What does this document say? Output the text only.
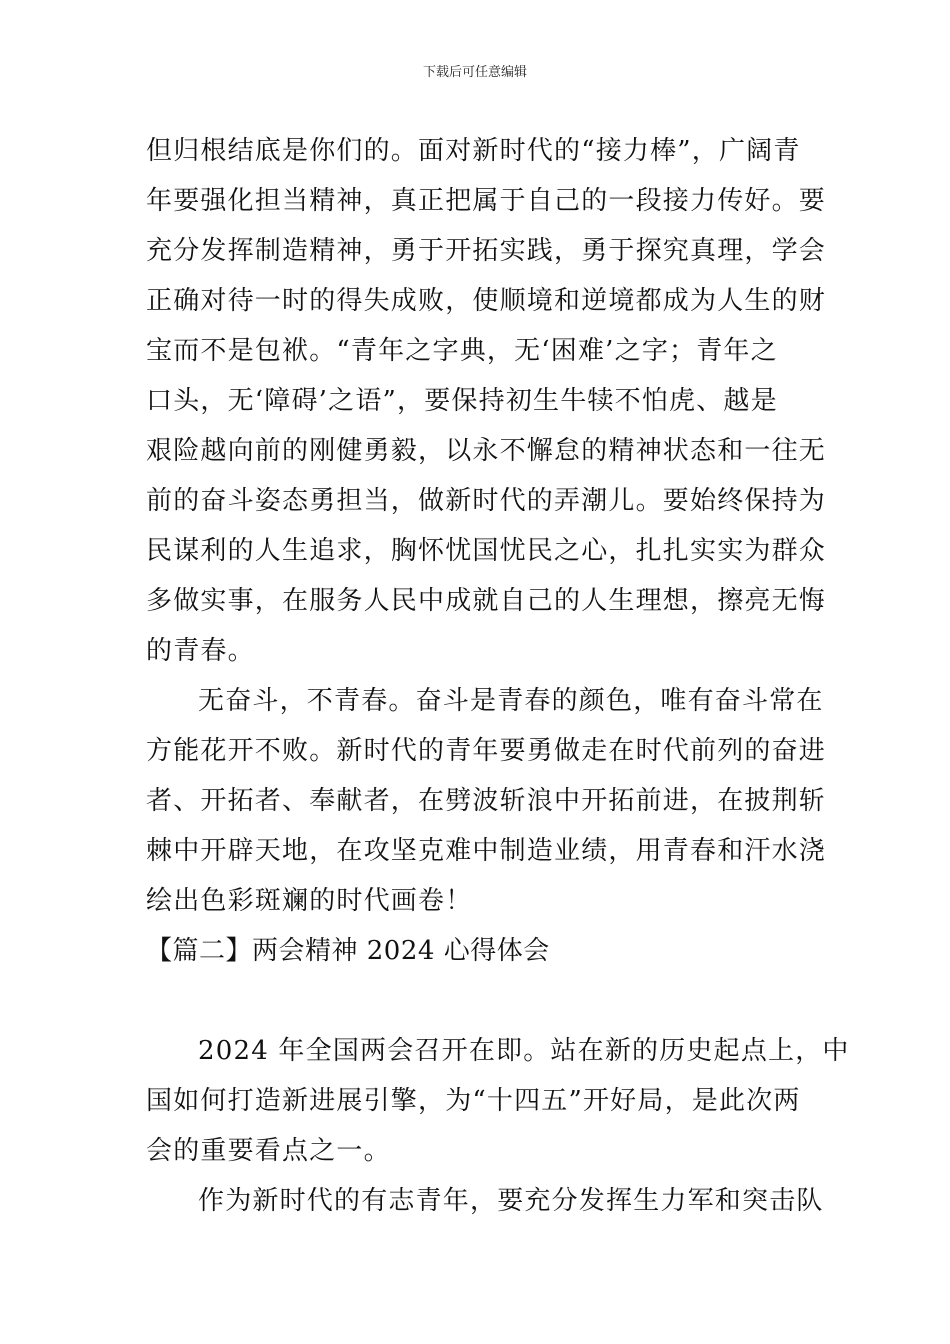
下载后可任意编辑
但归根结底是你们的。面对新时代的“接力棒”，广阔青
年要强化担当精神，真正把属于自己的一段接力传好。要
充分发挥制造精神，勇于开拓实践，勇于探究真理，学会
正确对待一时的得失成败，使顺境和逆境都成为人生的财
宝而不是包袱。“青年之字典，无‘困难’之字；青年之
口头，无‘障碍’之语”，要保持初生牛犊不怕虎、越是
艰险越向前的刚健勇毅，以永不懈怠的精神状态和一往无
前的奋斗姿态勇担当，做新时代的弄潮儿。要始终保持为
民谋利的人生追求，胸怀忧国忧民之心，扎扎实实为群众
多做实事，在服务人民中成就自己的人生理想，擦亮无悔
的青春。
无奋斗，不青春。奋斗是青春的颜色，唯有奋斗常在
方能花开不败。新时代的青年要勇做走在时代前列的奋进
者、开拓者、奉献者，在劈波斩浪中开拓前进，在披荆斩
棘中开辟天地，在攻坚克难中制造业绩，用青春和汗水浇
绘出色彩斑斓的时代画卷！
【篇二】两会精神 2024 心得体会
2024 年全国两会召开在即。站在新的历史起点上，中
国如何打造新进展引擎，为“十四五”开好局，是此次两
会的重要看点之一。
作为新时代的有志青年，要充分发挥生力军和突击队
